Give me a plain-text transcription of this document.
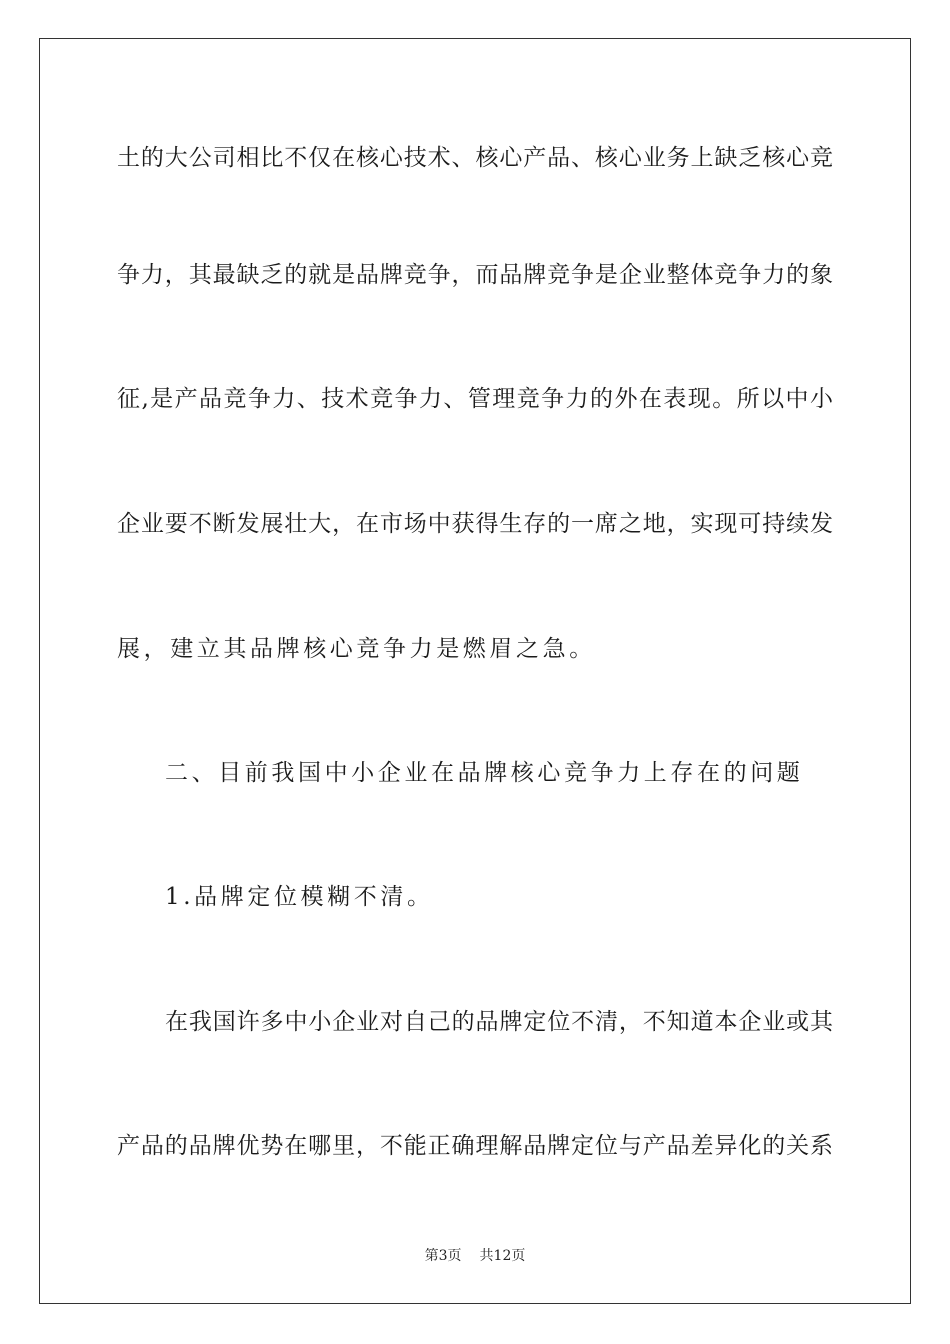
土的大公司相比不仅在核心技术、核心产品、核心业务上缺乏核心竞
争力，其最缺乏的就是品牌竞争，而品牌竞争是企业整体竞争力的象
征,是产品竞争力、技术竞争力、管理竞争力的外在表现。所以中小
企业要不断发展壮大，在市场中获得生存的一席之地，实现可持续发
展，建立其品牌核心竞争力是燃眉之急。
二、目前我国中小企业在品牌核心竞争力上存在的问题
1.品牌定位模糊不清。
在我国许多中小企业对自己的品牌定位不清，不知道本企业或其
产品的品牌优势在哪里，不能正确理解品牌定位与产品差异化的关系
第3页 共12页
